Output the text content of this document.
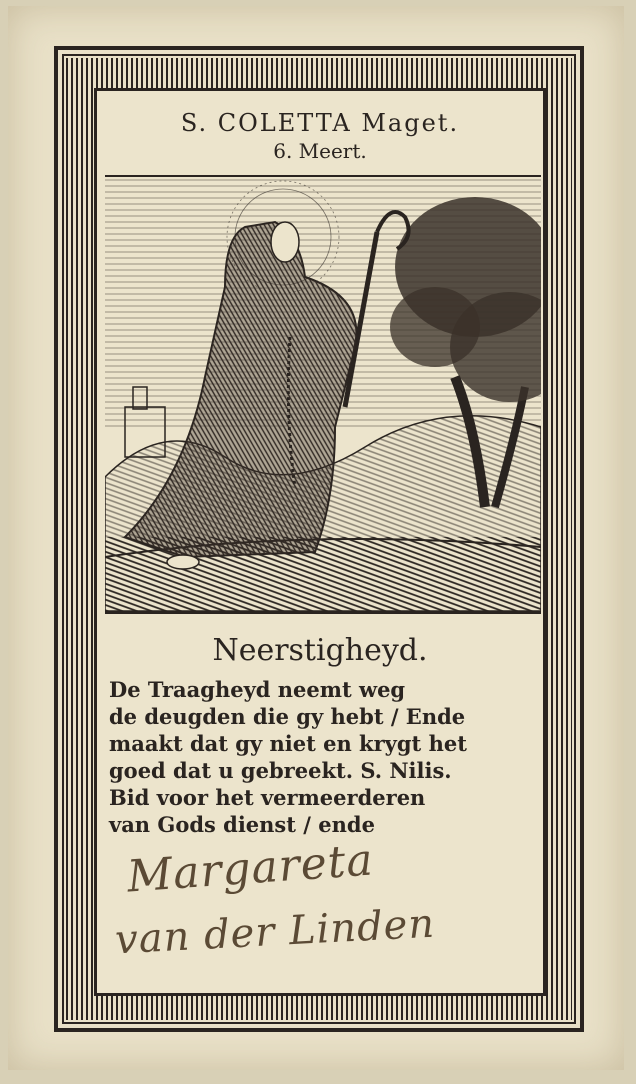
S. COLETTA Maget.
6. Meert.
Neerstigheyd.
De Traagheyd neemt weg
de deugden die gy hebt / Ende
maakt dat gy niet en krygt het
goed dat u gebreekt. S. Nilis.
Bid voor het vermeerderen
van Gods dienst / ende
Margareta
van der Linden
